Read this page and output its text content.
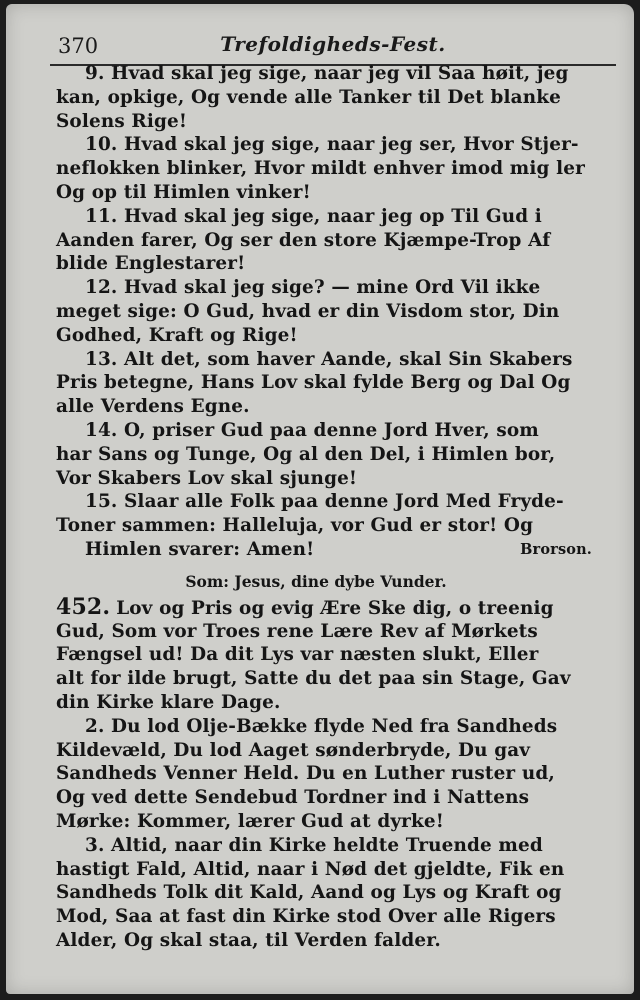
370	Trefoldigheds-Fest.
9. Hvad skal jeg sige, naar jeg vil Saa høit, jeg
kan, opkige, Og vende alle Tanker til Det blanke
Solens Rige!
10. Hvad skal jeg sige, naar jeg ser, Hvor Stjer-
neflokken blinker, Hvor mildt enhver imod mig ler
Og op til Himlen vinker!
11. Hvad skal jeg sige, naar jeg op Til Gud i
Aanden farer, Og ser den store Kjæmpe-Trop Af
blide Englestarer!
12. Hvad skal jeg sige? — mine Ord Vil ikke
meget sige: O Gud, hvad er din Visdom stor, Din
Godhed, Kraft og Rige!
13. Alt det, som haver Aande, skal Sin Skabers
Pris betegne, Hans Lov skal fylde Berg og Dal Og
alle Verdens Egne.
14. O, priser Gud paa denne Jord Hver, som
har Sans og Tunge, Og al den Del, i Himlen bor,
Vor Skabers Lov skal sjunge!
15. Slaar alle Folk paa denne Jord Med Fryde-
Toner sammen: Halleluja, vor Gud er stor! Og
Himlen svarer: Amen!	Brorson.
Som: Jesus, dine dybe Vunder.
452. Lov og Pris og evig Ære Ske dig, o treenig
Gud, Som vor Troes rene Lære Rev af Mørkets
Fængsel ud! Da dit Lys var næsten slukt, Eller
alt for ilde brugt, Satte du det paa sin Stage, Gav
din Kirke klare Dage.
2. Du lod Olje-Bække flyde Ned fra Sandheds
Kildevæld, Du lod Aaget sønderbryde, Du gav
Sandheds Venner Held. Du en Luther ruster ud,
Og ved dette Sendebud Tordner ind i Nattens
Mørke: Kommer, lærer Gud at dyrke!
3. Altid, naar din Kirke heldte Truende med
hastigt Fald, Altid, naar i Nød det gjeldte, Fik en
Sandheds Tolk dit Kald, Aand og Lys og Kraft og
Mod, Saa at fast din Kirke stod Over alle Rigers
Alder, Og skal staa, til Verden falder.
